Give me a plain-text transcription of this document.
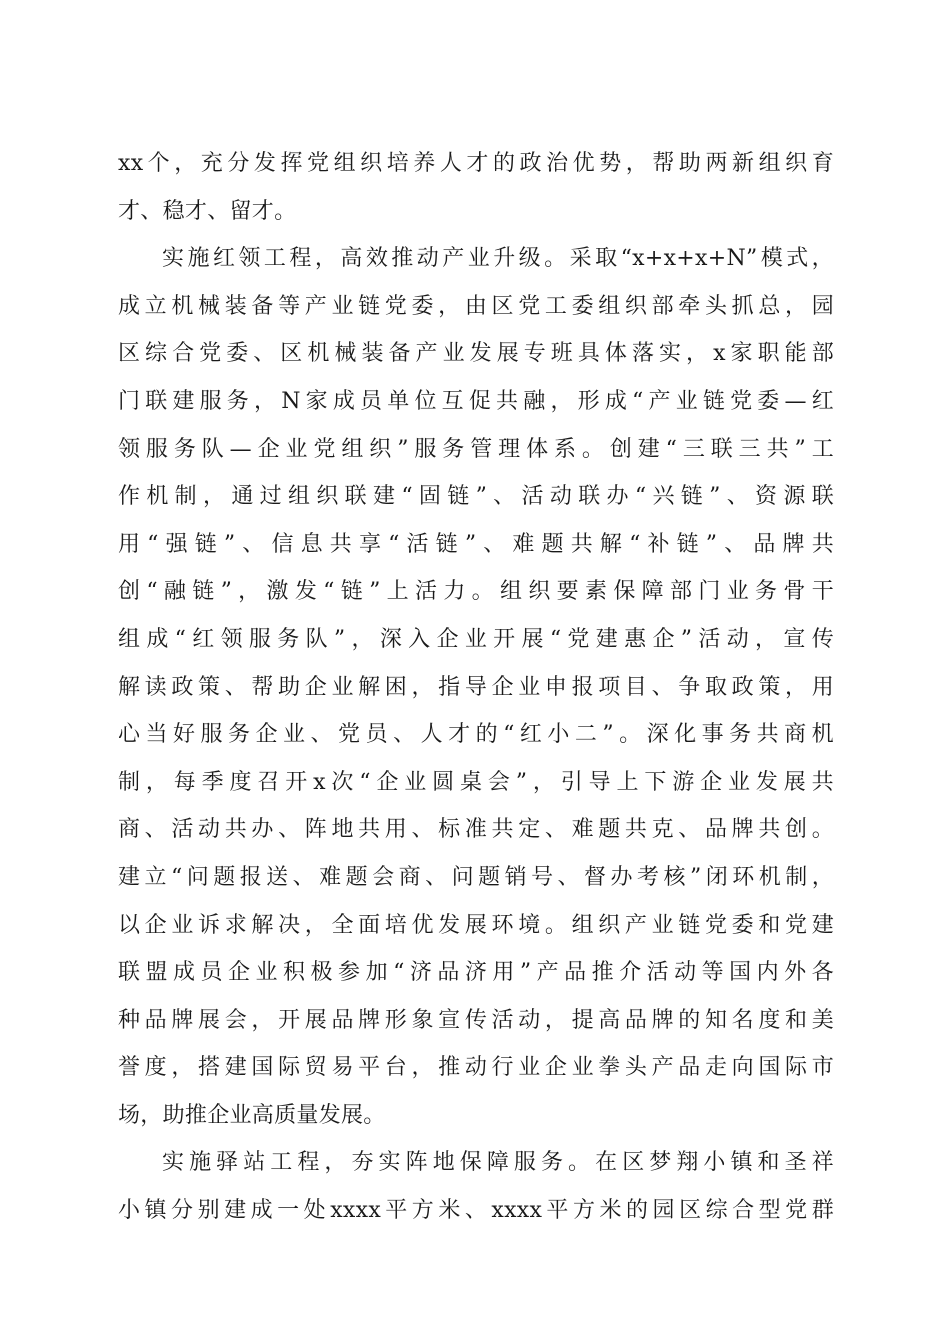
xx个，充分发挥党组织培养人才的政治优势，帮助两新组织育
才、稳才、留才。
实施红领工程，高效推动产业升级。采取“x+x+x+N”模式，
成立机械装备等产业链党委，由区党工委组织部牵头抓总，园
区综合党委、区机械装备产业发展专班具体落实，x家职能部
门联建服务，N家成员单位互促共融，形成“产业链党委—红
领服务队—企业党组织”服务管理体系。创建“三联三共”工
作机制，通过组织联建“固链”、活动联办“兴链”、资源联
用“强链”、信息共享“活链”、难题共解“补链”、品牌共
创“融链”，激发“链”上活力。组织要素保障部门业务骨干
组成“红领服务队”，深入企业开展“党建惠企”活动，宣传
解读政策、帮助企业解困，指导企业申报项目、争取政策，用
心当好服务企业、党员、人才的“红小二”。深化事务共商机
制，每季度召开x次“企业圆桌会”，引导上下游企业发展共
商、活动共办、阵地共用、标准共定、难题共克、品牌共创。
建立“问题报送、难题会商、问题销号、督办考核”闭环机制，
以企业诉求解决，全面培优发展环境。组织产业链党委和党建
联盟成员企业积极参加“济品济用”产品推介活动等国内外各
种品牌展会，开展品牌形象宣传活动，提高品牌的知名度和美
誉度，搭建国际贸易平台，推动行业企业拳头产品走向国际市
场，助推企业高质量发展。
实施驿站工程，夯实阵地保障服务。在区梦翔小镇和圣祥
小镇分别建成一处xxxx平方米、xxxx平方米的园区综合型党群
